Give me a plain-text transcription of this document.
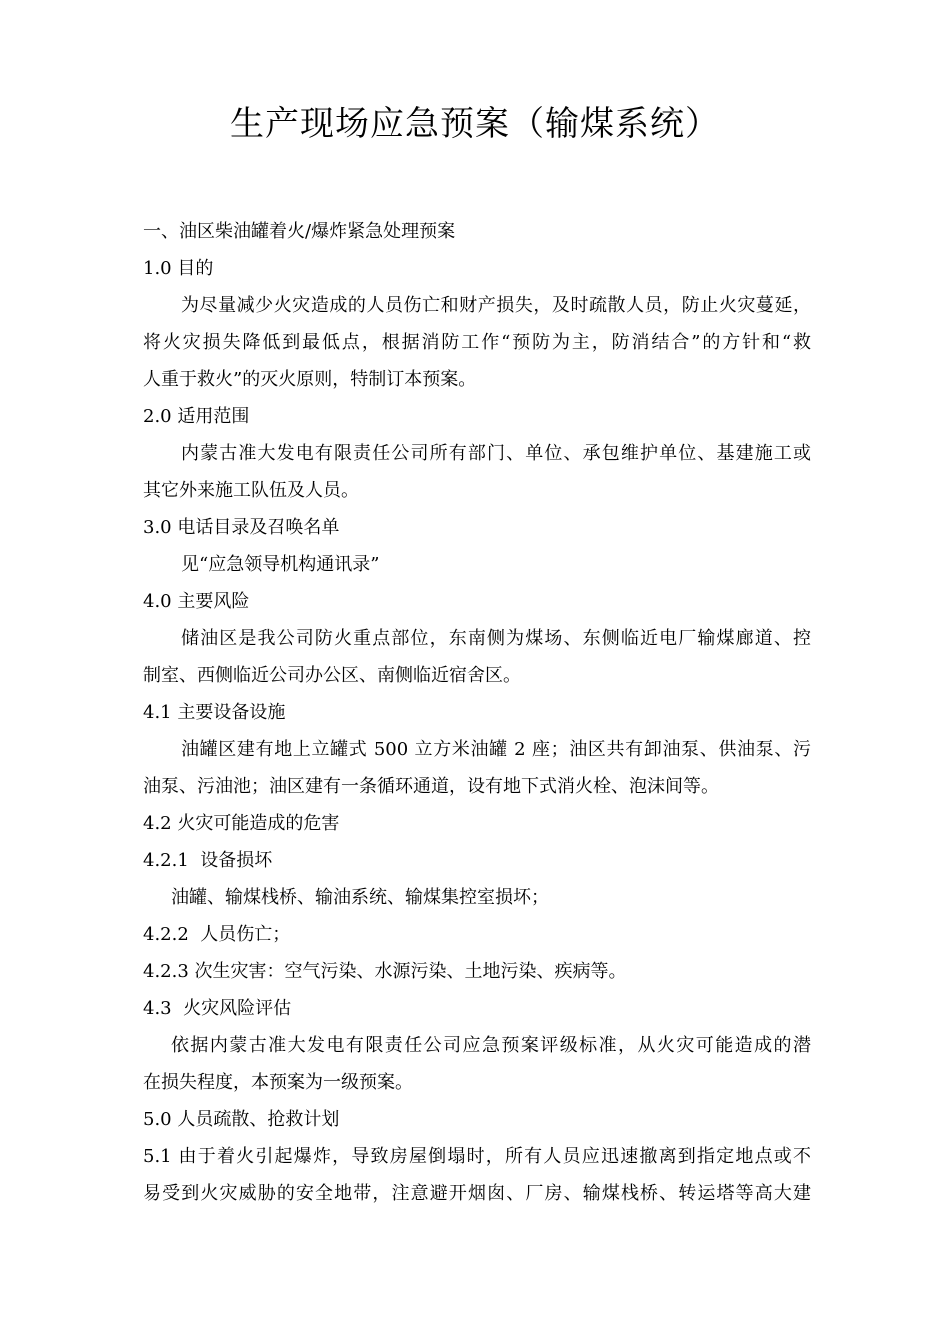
生产现场应急预案（输煤系统）
一、油区柴油罐着火/爆炸紧急处理预案
1.0 目的
为尽量减少火灾造成的人员伤亡和财产损失，及时疏散人员，防止火灾蔓延，
将火灾损失降低到最低点，根据消防工作“预防为主，防消结合”的方针和“救
人重于救火”的灭火原则，特制订本预案。
2.0 适用范围
内蒙古准大发电有限责任公司所有部门、单位、承包维护单位、基建施工或
其它外来施工队伍及人员。
3.0 电话目录及召唤名单
见“应急领导机构通讯录”
4.0 主要风险
储油区是我公司防火重点部位，东南侧为煤场、东侧临近电厂输煤廊道、控
制室、西侧临近公司办公区、南侧临近宿舍区。
4.1 主要设备设施
油罐区建有地上立罐式 500 立方米油罐 2 座；油区共有卸油泵、供油泵、污
油泵、污油池；油区建有一条循环通道，设有地下式消火栓、泡沫间等。
4.2 火灾可能造成的危害
4.2.1  设备损坏
油罐、输煤栈桥、输油系统、输煤集控室损坏；
4.2.2  人员伤亡；
4.2.3 次生灾害：空气污染、水源污染、土地污染、疾病等。
4.3  火灾风险评估
依据内蒙古准大发电有限责任公司应急预案评级标准，从火灾可能造成的潜
在损失程度，本预案为一级预案。
5.0 人员疏散、抢救计划
5.1 由于着火引起爆炸，导致房屋倒塌时，所有人员应迅速撤离到指定地点或不
易受到火灾威胁的安全地带，注意避开烟囱、厂房、输煤栈桥、转运塔等高大建
